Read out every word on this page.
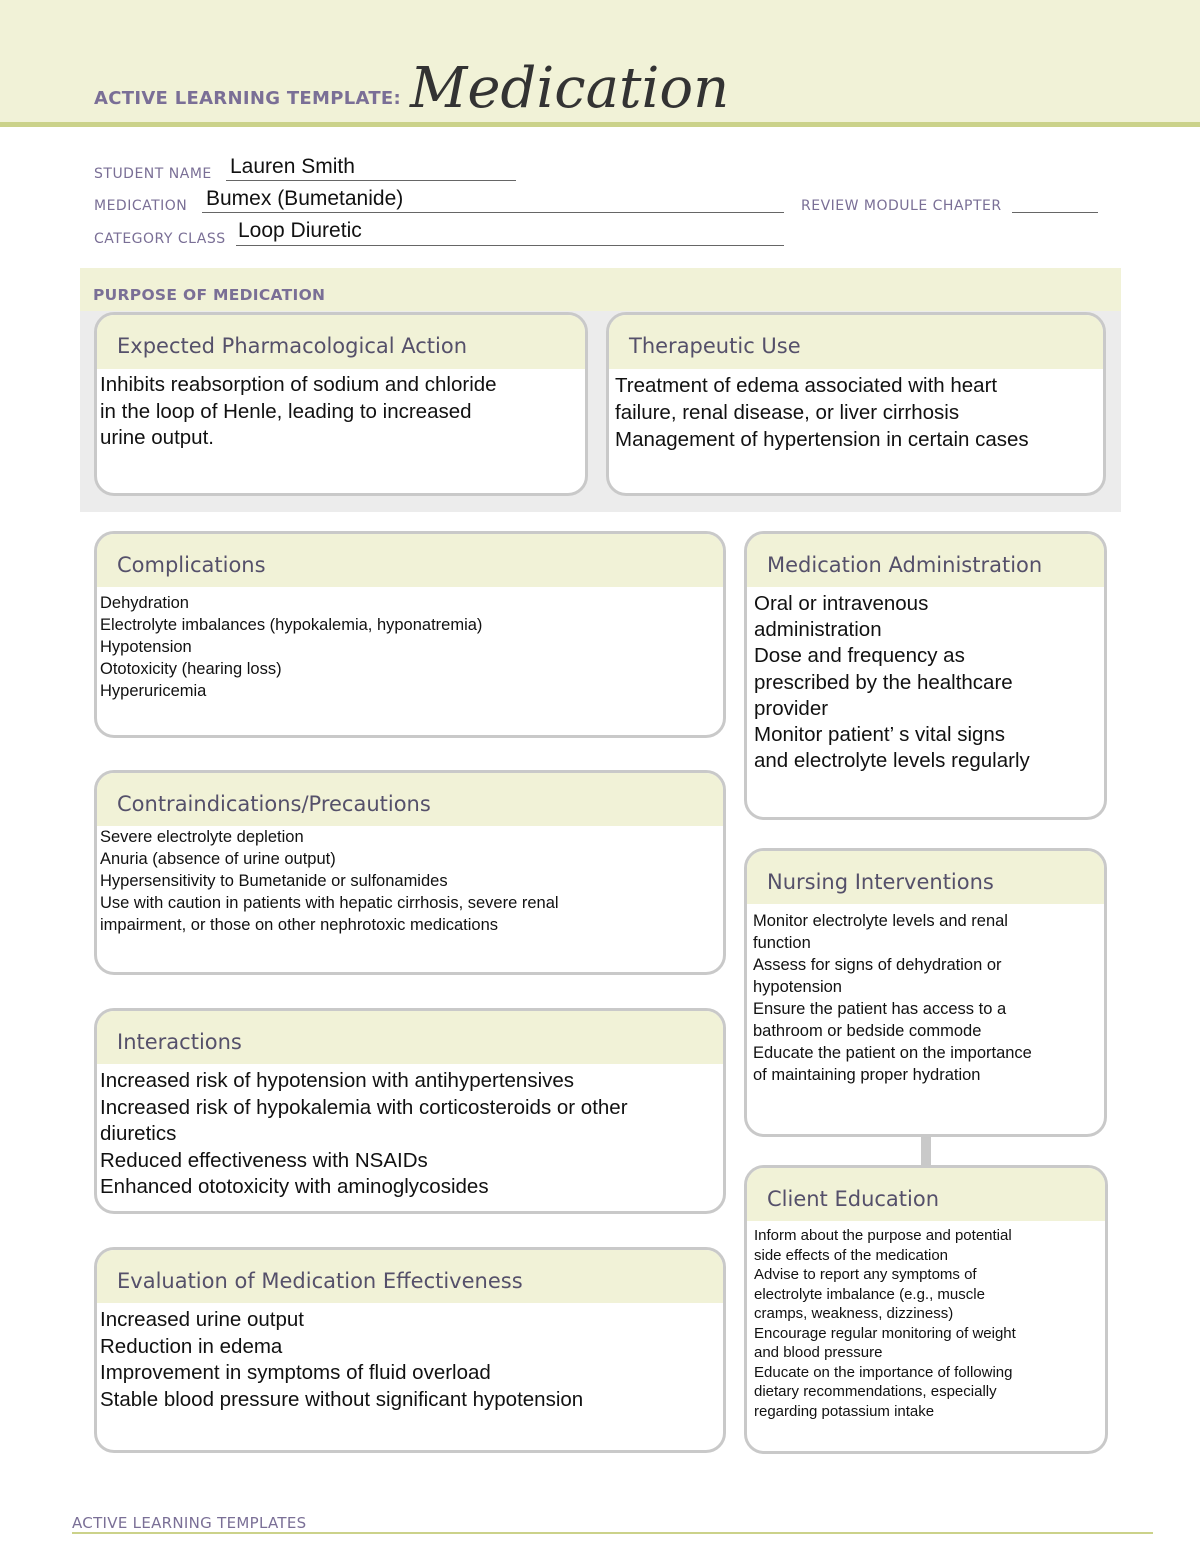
ACTIVE LEARNING TEMPLATE: Medication
STUDENT NAME Lauren Smith
MEDICATION Bumex (Bumetanide)	REVIEW MODULE CHAPTER
CATEGORY CLASS Loop Diuretic
PURPOSE OF MEDICATION
Expected Pharmacological Action
Inhibits reabsorption of sodium and chloride
in the loop of Henle, leading to increased
urine output.
Therapeutic Use
Treatment of edema associated with heart
failure, renal disease, or liver cirrhosis
Management of hypertension in certain cases
Complications
Dehydration
Electrolyte imbalances (hypokalemia, hyponatremia)
Hypotension
Ototoxicity (hearing loss)
Hyperuricemia
Contraindications/Precautions
Severe electrolyte depletion
Anuria (absence of urine output)
Hypersensitivity to Bumetanide or sulfonamides
Use with caution in patients with hepatic cirrhosis, severe renal
impairment, or those on other nephrotoxic medications
Interactions
Increased risk of hypotension with antihypertensives
Increased risk of hypokalemia with corticosteroids or other
diuretics
Reduced effectiveness with NSAIDs
Enhanced ototoxicity with aminoglycosides
Evaluation of Medication Effectiveness
Increased urine output
Reduction in edema
Improvement in symptoms of fluid overload
Stable blood pressure without significant hypotension
Medication Administration
Oral or intravenous
administration
Dose and frequency as
prescribed by the healthcare
provider
Monitor patient’ s vital signs
and electrolyte levels regularly
Nursing Interventions
Monitor electrolyte levels and renal
function
Assess for signs of dehydration or
hypotension
Ensure the patient has access to a
bathroom or bedside commode
Educate the patient on the importance
of maintaining proper hydration
Client Education
Inform about the purpose and potential
side effects of the medication
Advise to report any symptoms of
electrolyte imbalance (e.g., muscle
cramps, weakness, dizziness)
Encourage regular monitoring of weight
and blood pressure
Educate on the importance of following
dietary recommendations, especially
regarding potassium intake
ACTIVE LEARNING TEMPLATES
